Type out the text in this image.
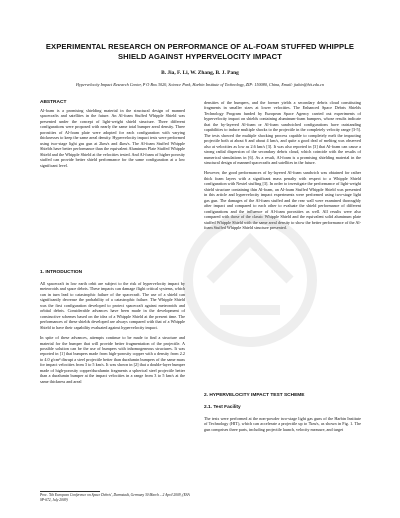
EXPERIMENTAL RESEARCH ON PERFORMANCE OF AL-FOAM STUFFED WHIPPLE SHIELD AGAINST HYPERVELOCITY IMPACT
B. Jia, F. Li, W. Zhang, B. J. Pang
Hypervelocity Impact Research Center, P O Box 3020, Science Park, Harbin Institute of Technology, ZIP: 150080, China, Email: jiabin@hit.edu.cn
ABSTRACT
Al-foam is a promising shielding material in the structural design of manned spacecrafts and satellites in the future. An Al-foam Stuffed Whipple Shield was presented under the concept of light-weight shield structure. Three different configurations were proposed with nearly the same total bumper areal density. Three porosities of Al-foam plate were adopted for each configuration with varying thicknesses to keep the same areal density. Hypervelocity impact tests were performed using two-stage light gas gun at 2km/s and 4km/s. The Al-foam Stuffed Whipple Shields have better performance than the equivalent Aluminum Plate Stuffed Whipple Shield and the Whipple Shield at the velocities tested. And Al-foam of higher porosity stuffed can provide better shield performance for the same configuration at a low significant level.
1. INTRODUCTION

All spacecraft in low earth orbit are subject to the risk of hypervelocity impact by meteoroids and space debris. These impacts can damage flight critical systems, which can in turn lead to catastrophic failure of the spacecraft. The use of a shield can significantly decrease the probability of a catastrophic failure. The Whipple Shield was the first configuration developed to protect spacecraft against meteoroids and orbital debris. Considerable advances have been made in the development of constructive schemes based on the idea of a Whipple Shield at the present time. The performances of these shields developed are always compared with that of a Whipple Shield to have their capability evaluated against hypervelocity impact.

In spite of these advances, attempts continue to be made to find a structure and material for the bumper that will provide better fragmentation of the projectile. A possible solution can be the use of bumpers with inhomogeneous structures. It was reported in [1] that bumpers made from high-porosity copper with a density from 2.2 to 4.0 g/cm³ disrupt a steel projectile better than duralumin bumpers of the same mass for impact velocities from 3 to 5 km/s. It was shown in [2] that a double-layer bumper made of high-porosity copper/duralumin fragments a spherical steel projectile better than a duralumin bumper at the impact velocities in a range from 3 to 5 km/s at the same thickness and areal

densities of the bumpers, and the former yields a secondary debris cloud constituting fragments in smaller sizes at lower velocities. The Enhanced Space Debris Shields Technology Program funded by European Space Agency carried out experiments of hypervelocity impact on shields containing aluminum-foam bumpers, whose results indicate that the by-layered Al-foam or Al-foam sandwiched configurations have outstanding capabilities to induce multiple shocks to the projectile in the completely velocity range [3-5]. The tests showed the multiple shocking process capable to completely melt the impacting projectile both at about 6 and about 4 km/s, and quite a good deal of melting was observed also at velocities as low as 2.6 km/s [3]. It was also reported in [3] that Al-foam can cause a strong radial dispersion of the secondary debris cloud, which coincide with the results of numerical simulations in [6]. As a result, Al-foam is a promising shielding material in the structural design of manned spacecrafts and satellites in the future.

However, the good performances of by-layered Al-foam sandwich was obtained for rather thick foam layers with a significant mass penalty with respect to a Whipple Shield configuration with Nextel stuffing [3]. In order to investigate the performance of light-weight shield structure containing thin Al-foam, an Al-foam Stuffed Whipple Shield was presented in this article and hypervelocity impact experiments were performed using two-stage light gas gun. The damages of the Al-foam stuffed and the rear wall were examined thoroughly after impact and compared to each other to evaluate the shield performance of different configurations and the influence of Al-foam porosities as well. All results were also compared with those of the classic Whipple Shield and the equivalent solid aluminum plate stuffed Whipple Shield with the same areal density to show the better performance of the Al-foam Stuffed Whipple Shield structure presented.

2. HYPERVELOCITY IMPACT TEST SCHEME
2.1. Test Facility
The tests were performed at the non-powder two-stage light gas guns of the Harbin Institute of Technology (HIT), which can accelerate a projectile up to 7km/s, as shown in Fig. 1. The gun comprises three parts, including projectile launch, velocity measure, and target
Proc. '5th European Conference on Space Debris', Darmstadt, Germany 30 March – 2 April 2009, (ESA SP-672, July 2009)
